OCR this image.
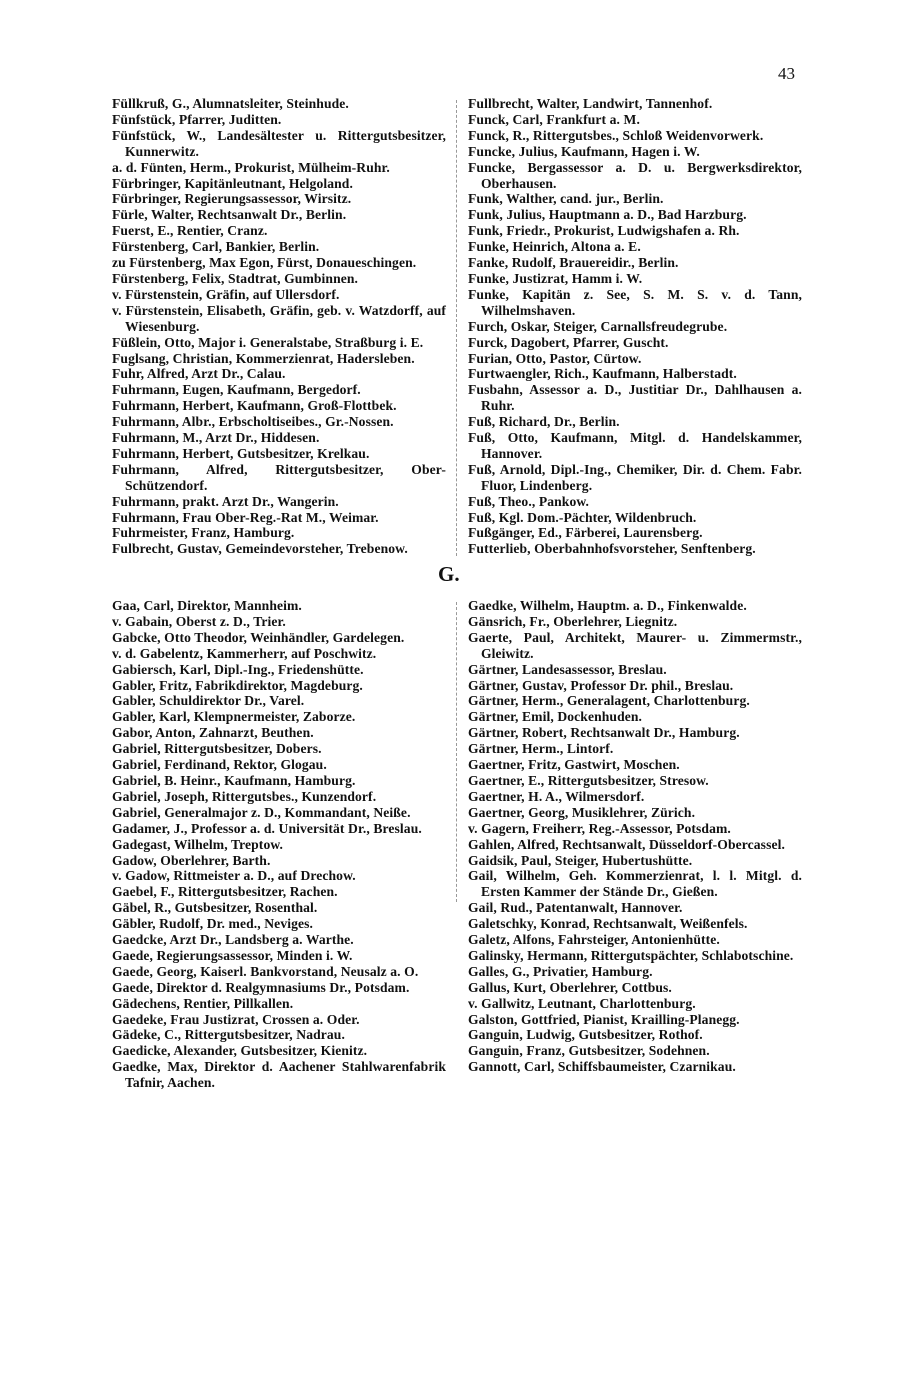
43
Füllkruß, G., Alumnatsleiter, Steinhude.
Fünfstück, Pfarrer, Juditten.
Fünfstück, W., Landesältester u. Rittergutsbesitzer, Kunnerwitz.
a. d. Fünten, Herm., Prokurist, Mülheim-Ruhr.
Fürbringer, Kapitänleutnant, Helgoland.
Fürbringer, Regierungsassessor, Wirsitz.
Fürle, Walter, Rechtsanwalt Dr., Berlin.
Fuerst, E., Rentier, Cranz.
Fürstenberg, Carl, Bankier, Berlin.
zu Fürstenberg, Max Egon, Fürst, Donaueschingen.
Fürstenberg, Felix, Stadtrat, Gumbinnen.
v. Fürstenstein, Gräfin, auf Ullersdorf.
v. Fürstenstein, Elisabeth, Gräfin, geb. v. Watzdorff, auf Wiesenburg.
Füßlein, Otto, Major i. Generalstabe, Straßburg i. E.
Fuglsang, Christian, Kommerzienrat, Hadersleben.
Fuhr, Alfred, Arzt Dr., Calau.
Fuhrmann, Eugen, Kaufmann, Bergedorf.
Fuhrmann, Herbert, Kaufmann, Groß-Flottbek.
Fuhrmann, Albr., Erbscholtiseibes., Gr.-Nossen.
Fuhrmann, M., Arzt Dr., Hiddesen.
Fuhrmann, Herbert, Gutsbesitzer, Krelkau.
Fuhrmann, Alfred, Rittergutsbesitzer, Ober-Schützendorf.
Fuhrmann, prakt. Arzt Dr., Wangerin.
Fuhrmann, Frau Ober-Reg.-Rat M., Weimar.
Fuhrmeister, Franz, Hamburg.
Fulbrecht, Gustav, Gemeindevorsteher, Trebenow.
Fullbrecht, Walter, Landwirt, Tannenhof.
Funck, Carl, Frankfurt a. M.
Funck, R., Rittergutsbes., Schloß Weidenvorwerk.
Funcke, Julius, Kaufmann, Hagen i. W.
Funcke, Bergassessor a. D. u. Bergwerksdirektor, Oberhausen.
Funk, Walther, cand. jur., Berlin.
Funk, Julius, Hauptmann a. D., Bad Harzburg.
Funk, Friedr., Prokurist, Ludwigshafen a. Rh.
Funke, Heinrich, Altona a. E.
Fanke, Rudolf, Brauereidir., Berlin.
Funke, Justizrat, Hamm i. W.
Funke, Kapitän z. See, S. M. S. v. d. Tann, Wilhelmshaven.
Furch, Oskar, Steiger, Carnallsfreudegrube.
Furck, Dagobert, Pfarrer, Guscht.
Furian, Otto, Pastor, Cürtow.
Furtwaengler, Rich., Kaufmann, Halberstadt.
Fusbahn, Assessor a. D., Justitiar Dr., Dahlhausen a. Ruhr.
Fuß, Richard, Dr., Berlin.
Fuß, Otto, Kaufmann, Mitgl. d. Handelskammer, Hannover.
Fuß, Arnold, Dipl.-Ing., Chemiker, Dir. d. Chem. Fabr. Fluor, Lindenberg.
Fuß, Theo., Pankow.
Fuß, Kgl. Dom.-Pächter, Wildenbruch.
Fußgänger, Ed., Färberei, Laurensberg.
Futterlieb, Oberbahnhofsvorsteher, Senftenberg.
G.
Gaa, Carl, Direktor, Mannheim.
v. Gabain, Oberst z. D., Trier.
Gabcke, Otto Theodor, Weinhändler, Gardelegen.
v. d. Gabelentz, Kammerherr, auf Poschwitz.
Gabiersch, Karl, Dipl.-Ing., Friedenshütte.
Gabler, Fritz, Fabrikdirektor, Magdeburg.
Gabler, Schuldirektor Dr., Varel.
Gabler, Karl, Klempnermeister, Zaborze.
Gabor, Anton, Zahnarzt, Beuthen.
Gabriel, Rittergutsbesitzer, Dobers.
Gabriel, Ferdinand, Rektor, Glogau.
Gabriel, B. Heinr., Kaufmann, Hamburg.
Gabriel, Joseph, Rittergutsbes., Kunzendorf.
Gabriel, Generalmajor z. D., Kommandant, Neiße.
Gadamer, J., Professor a. d. Universität Dr., Breslau.
Gadegast, Wilhelm, Treptow.
Gadow, Oberlehrer, Barth.
v. Gadow, Rittmeister a. D., auf Drechow.
Gaebel, F., Rittergutsbesitzer, Rachen.
Gäbel, R., Gutsbesitzer, Rosenthal.
Gäbler, Rudolf, Dr. med., Neviges.
Gaedcke, Arzt Dr., Landsberg a. Warthe.
Gaede, Regierungsassessor, Minden i. W.
Gaede, Georg, Kaiserl. Bankvorstand, Neusalz a. O.
Gaede, Direktor d. Realgymnasiums Dr., Potsdam.
Gädechens, Rentier, Pillkallen.
Gaedeke, Frau Justizrat, Crossen a. Oder.
Gädeke, C., Rittergutsbesitzer, Nadrau.
Gaedicke, Alexander, Gutsbesitzer, Kienitz.
Gaedke, Max, Direktor d. Aachener Stahlwarenfabrik Tafnir, Aachen.
Gaedke, Wilhelm, Hauptm. a. D., Finkenwalde.
Gänsrich, Fr., Oberlehrer, Liegnitz.
Gaerte, Paul, Architekt, Maurer- u. Zimmermstr., Gleiwitz.
Gärtner, Landesassessor, Breslau.
Gärtner, Gustav, Professor Dr. phil., Breslau.
Gärtner, Herm., Generalagent, Charlottenburg.
Gärtner, Emil, Dockenhuden.
Gärtner, Robert, Rechtsanwalt Dr., Hamburg.
Gärtner, Herm., Lintorf.
Gaertner, Fritz, Gastwirt, Moschen.
Gaertner, E., Rittergutsbesitzer, Stresow.
Gaertner, H. A., Wilmersdorf.
Gaertner, Georg, Musiklehrer, Zürich.
v. Gagern, Freiherr, Reg.-Assessor, Potsdam.
Gahlen, Alfred, Rechtsanwalt, Düsseldorf-Obercassel.
Gaidsik, Paul, Steiger, Hubertushütte.
Gail, Wilhelm, Geh. Kommerzienrat, l. l. Mitgl. d. Ersten Kammer der Stände Dr., Gießen.
Gail, Rud., Patentanwalt, Hannover.
Galetschky, Konrad, Rechtsanwalt, Weißenfels.
Galetz, Alfons, Fahrsteiger, Antonienhütte.
Galinsky, Hermann, Rittergutspächter, Schlabotschine.
Galles, G., Privatier, Hamburg.
Gallus, Kurt, Oberlehrer, Cottbus.
v. Gallwitz, Leutnant, Charlottenburg.
Galston, Gottfried, Pianist, Krailling-Planegg.
Ganguin, Ludwig, Gutsbesitzer, Rothof.
Ganguin, Franz, Gutsbesitzer, Sodehnen.
Gannott, Carl, Schiffsbaumeister, Czarnikau.
